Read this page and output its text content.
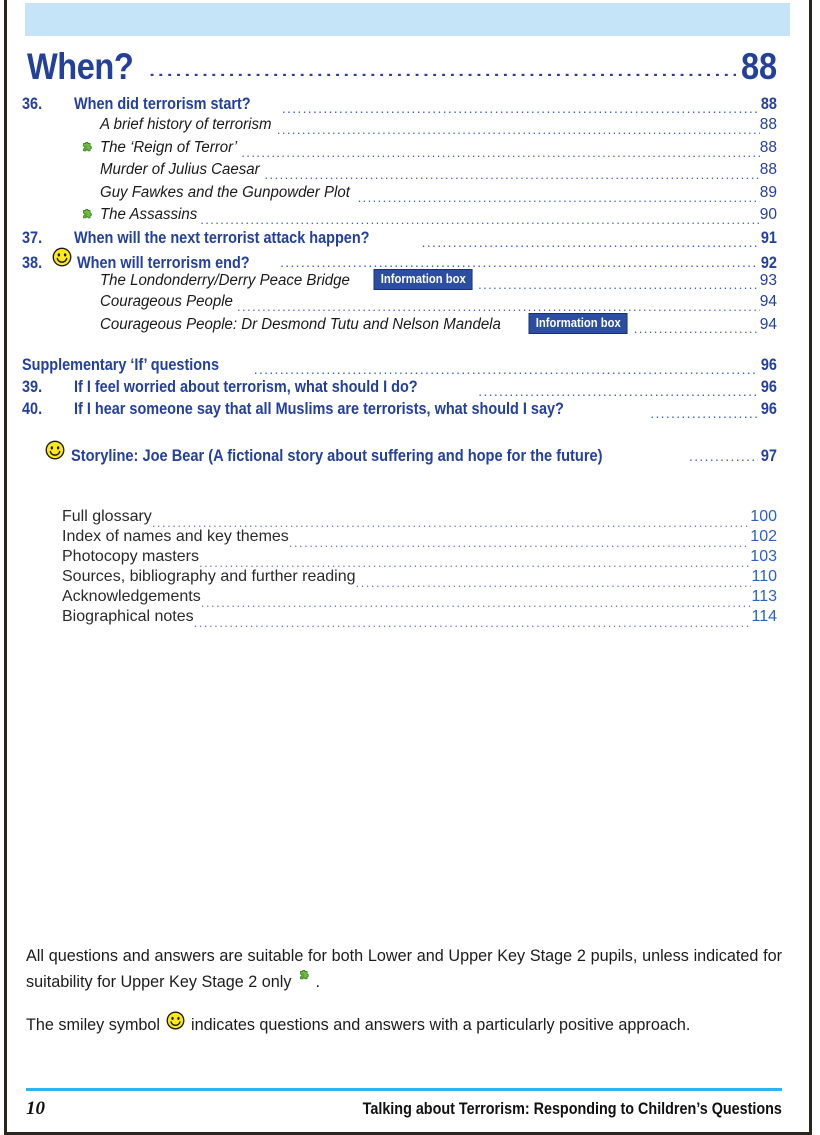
When? .....	88
36.	When did terrorism start? .....	88
A brief history of terrorism .....	88
The ‘Reign of Terror’ .....	88
Murder of Julius Caesar .....	88
Guy Fawkes and the Gunpowder Plot .....	89
The Assassins .....	90
37.	When will the next terrorist attack happen? .....	91
38.	When will terrorism end? .....	92
The Londonderry/Derry Peace Bridge	Information box .....	93
Courageous People .....	94
Courageous People: Dr Desmond Tutu and Nelson Mandela	Information box .....	94
Supplementary ‘If’ questions .....	96
39.	If I feel worried about terrorism, what should I do? .....	96
40.	If I hear someone say that all Muslims are terrorists, what should I say? .....	96
Storyline: Joe Bear (A fictional story about suffering and hope for the future) .....	97
Full glossary .....	100
Index of names and key themes .....	102
Photocopy masters .....	103
Sources, bibliography and further reading .....	110
Acknowledgements .....	113
Biographical notes .....	114

All questions and answers are suitable for both Lower and Upper Key Stage 2 pupils, unless indicated for suitability for Upper Key Stage 2 only .

The smiley symbol indicates questions and answers with a particularly positive approach.

10	Talking about Terrorism: Responding to Children’s Questions
